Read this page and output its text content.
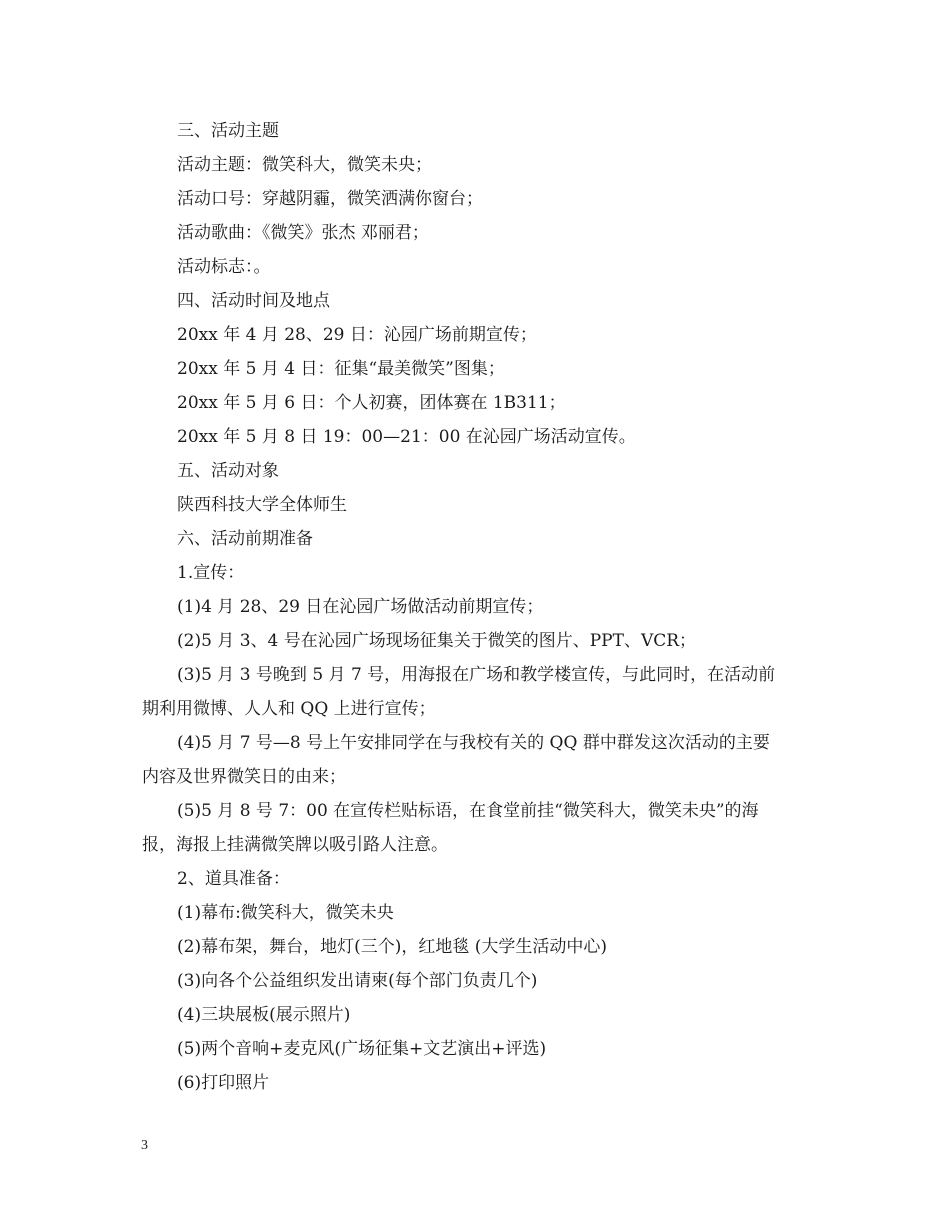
三、活动主题
活动主题：微笑科大，微笑未央；
活动口号：穿越阴霾，微笑洒满你窗台；
活动歌曲：《微笑》张杰 邓丽君；
活动标志：。
四、活动时间及地点
20xx 年 4 月 28、29 日：沁园广场前期宣传；
20xx 年 5 月 4 日：征集“最美微笑”图集；
20xx 年 5 月 6 日：个人初赛，团体赛在 1B311；
20xx 年 5 月 8 日 19：00—21：00 在沁园广场活动宣传。
五、活动对象
陕西科技大学全体师生
六、活动前期准备
1.宣传：
(1)4 月 28、29 日在沁园广场做活动前期宣传；
(2)5 月 3、4 号在沁园广场现场征集关于微笑的图片、PPT、VCR；
(3)5 月 3 号晚到 5 月 7 号，用海报在广场和教学楼宣传，与此同时，在活动前
期利用微博、人人和 QQ 上进行宣传；
(4)5 月 7 号—8 号上午安排同学在与我校有关的 QQ 群中群发这次活动的主要
内容及世界微笑日的由来；
(5)5 月 8 号 7：00 在宣传栏贴标语，在食堂前挂“微笑科大，微笑未央”的海
报，海报上挂满微笑牌以吸引路人注意。
2、道具准备：
(1)幕布:微笑科大，微笑未央
(2)幕布架，舞台，地灯(三个)，红地毯 (大学生活动中心)
(3)向各个公益组织发出请柬(每个部门负责几个)
(4)三块展板(展示照片)
(5)两个音响+麦克风(广场征集+文艺演出+评选)
(6)打印照片
3
